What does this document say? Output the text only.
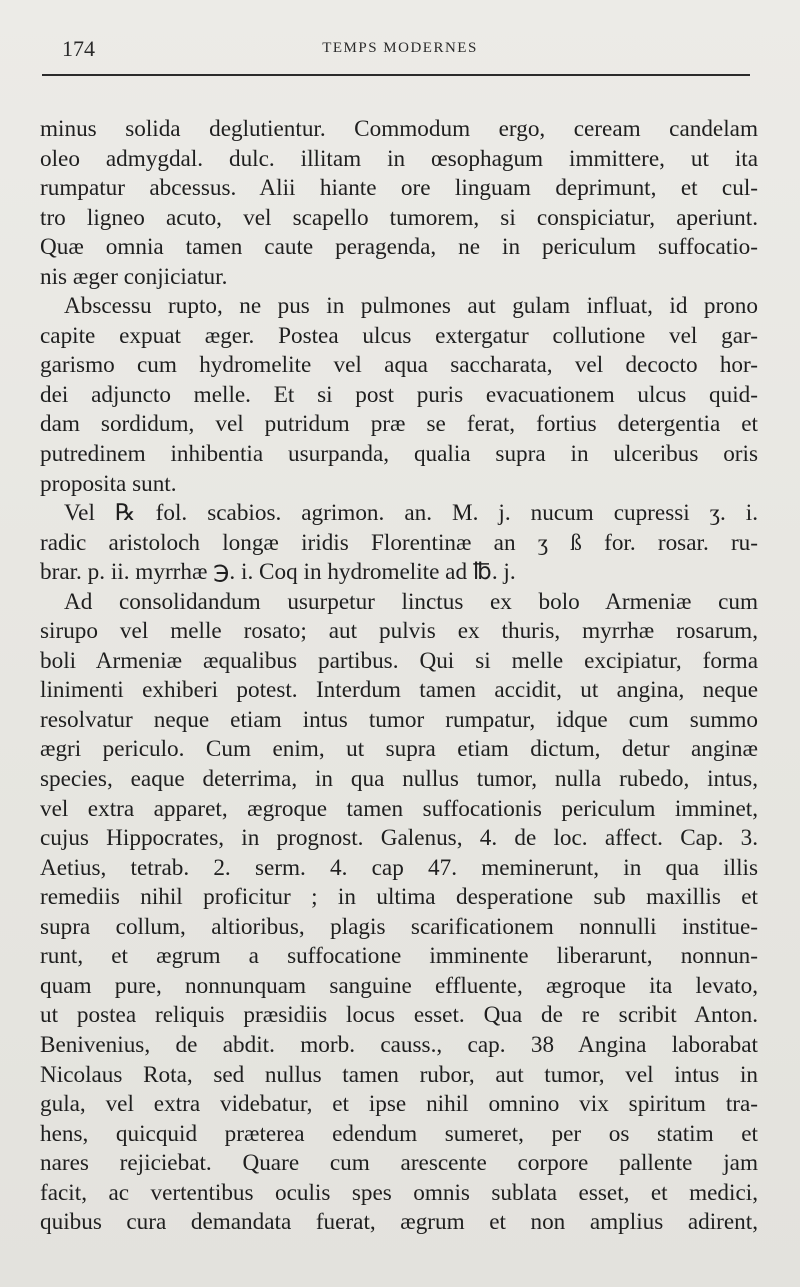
174	TEMPS MODERNES
minus solida deglutientur. Commodum ergo, ceream candelam
oleo admygdal. dulc. illitam in œsophagum immittere, ut ita
rumpatur abcessus. Alii hiante ore linguam deprimunt, et cul-
tro ligneo acuto, vel scapello tumorem, si conspiciatur, aperiunt.
Quæ omnia tamen caute peragenda, ne in periculum suffocatio-
nis æger conjiciatur.
Abscessu rupto, ne pus in pulmones aut gulam influat, id prono
capite expuat æger. Postea ulcus extergatur collutione vel gar-
garismo cum hydromelite vel aqua saccharata, vel decocto hor-
dei adjuncto melle. Et si post puris evacuationem ulcus quid-
dam sordidum, vel putridum præ se ferat, fortius detergentia et
putredinem inhibentia usurpanda, qualia supra in ulceribus oris
proposita sunt.
Vel ℞ fol. scabios. agrimon. an. M. j. nucum cupressi ʒ. i.
radic aristoloch longæ iridis Florentinæ an ʒ ß for. rosar. ru-
brar. p. ii. myrrhæ ℈. i. Coq in hydromelite ad ℔. j.
Ad consolidandum usurpetur linctus ex bolo Armeniæ cum
sirupo vel melle rosato; aut pulvis ex thuris, myrrhæ rosarum,
boli Armeniæ æqualibus partibus. Qui si melle excipiatur, forma
linimenti exhiberi potest. Interdum tamen accidit, ut angina, neque
resolvatur neque etiam intus tumor rumpatur, idque cum summo
ægri periculo. Cum enim, ut supra etiam dictum, detur anginæ
species, eaque deterrima, in qua nullus tumor, nulla rubedo, intus,
vel extra apparet, ægroque tamen suffocationis periculum imminet,
cujus Hippocrates, in prognost. Galenus, 4. de loc. affect. Cap. 3.
Aetius, tetrab. 2. serm. 4. cap 47. meminerunt, in qua illis
remediis nihil proficitur ; in ultima desperatione sub maxillis et
supra collum, altioribus, plagis scarificationem nonnulli institue-
runt, et ægrum a suffocatione imminente liberarunt, nonnun-
quam pure, nonnunquam sanguine effluente, ægroque ita levato,
ut postea reliquis præsidiis locus esset. Qua de re scribit Anton.
Benivenius, de abdit. morb. causs., cap. 38 Angina laborabat
Nicolaus Rota, sed nullus tamen rubor, aut tumor, vel intus in
gula, vel extra videbatur, et ipse nihil omnino vix spiritum tra-
hens, quicquid præterea edendum sumeret, per os statim et
nares rejiciebat. Quare cum arescente corpore pallente jam
facit, ac vertentibus oculis spes omnis sublata esset, et medici,
quibus cura demandata fuerat, ægrum et non amplius adirent,
